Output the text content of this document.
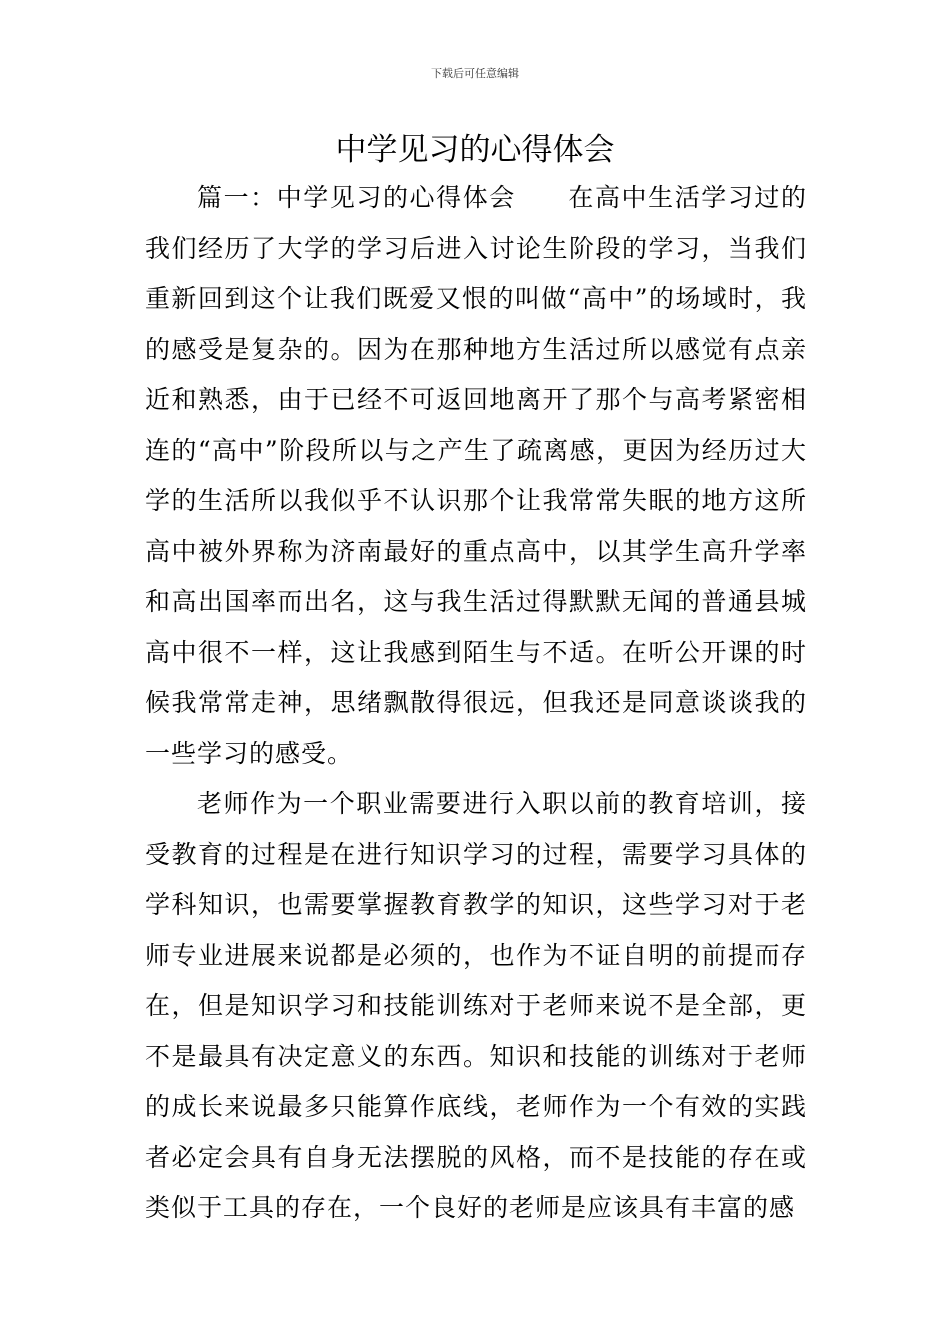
下载后可任意编辑
中学见习的心得体会

篇一：中学见习的心得体会 在高中生活学习过的我们经历了大学的学习后进入讨论生阶段的学习，当我们重新回到这个让我们既爱又恨的叫做“高中”的场域时，我的感受是复杂的。因为在那种地方生活过所以感觉有点亲近和熟悉，由于已经不可返回地离开了那个与高考紧密相连的“高中”阶段所以与之产生了疏离感，更因为经历过大学的生活所以我似乎不认识那个让我常常失眠的地方这所高中被外界称为济南最好的重点高中，以其学生高升学率和高出国率而出名，这与我生活过得默默无闻的普通县城高中很不一样，这让我感到陌生与不适。在听公开课的时候我常常走神，思绪飘散得很远，但我还是同意谈谈我的一些学习的感受。

老师作为一个职业需要进行入职以前的教育培训，接受教育的过程是在进行知识学习的过程，需要学习具体的学科知识，也需要掌握教育教学的知识，这些学习对于老师专业进展来说都是必须的，也作为不证自明的前提而存在，但是知识学习和技能训练对于老师来说不是全部，更不是最具有决定意义的东西。知识和技能的训练对于老师的成长来说最多只能算作底线，老师作为一个有效的实践者必定会具有自身无法摆脱的风格，而不是技能的存在或类似于工具的存在，一个良好的老师是应该具有丰富的感
